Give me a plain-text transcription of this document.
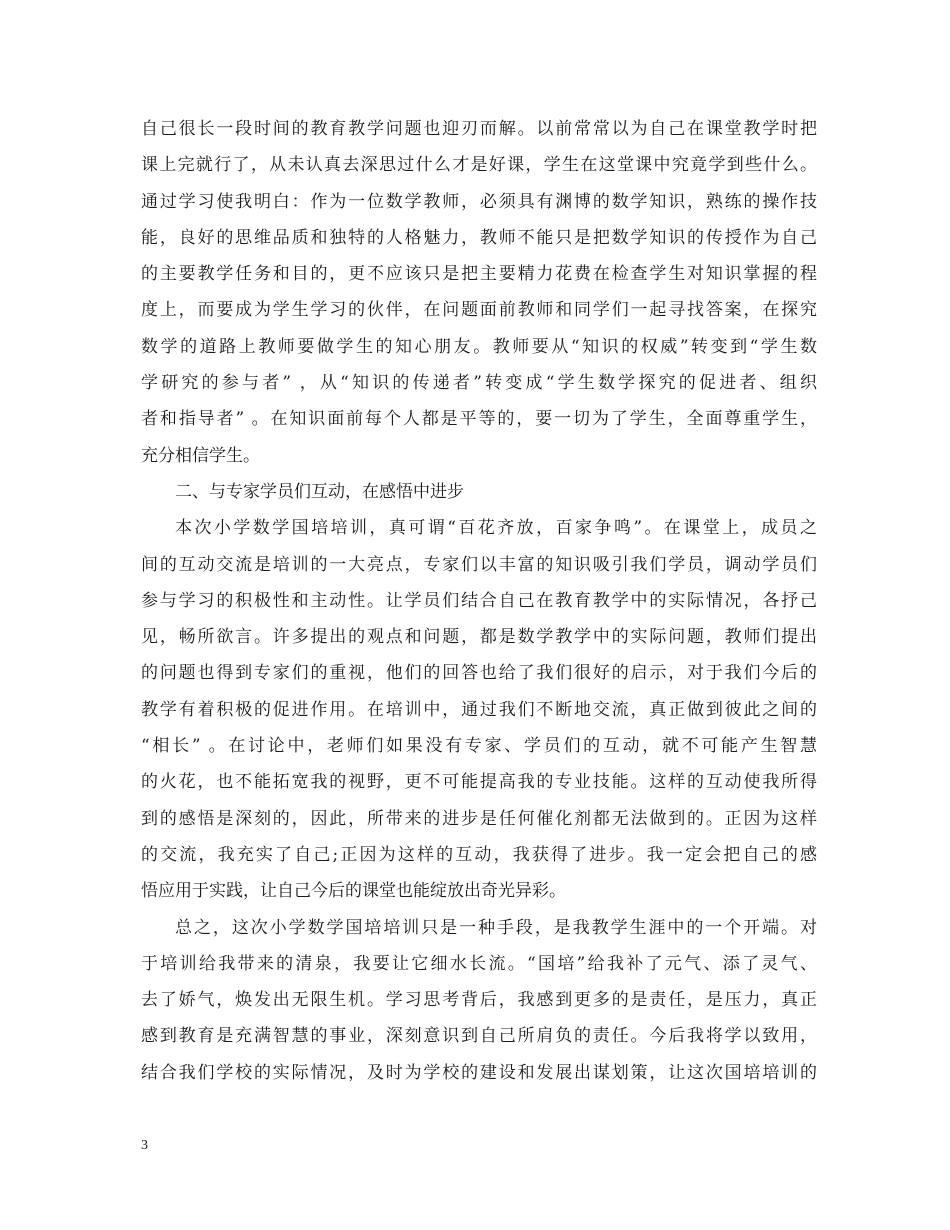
自己很长一段时间的教育教学问题也迎刃而解。以前常常以为自己在课堂教学时把
课上完就行了，从未认真去深思过什么才是好课，学生在这堂课中究竟学到些什么。
通过学习使我明白：作为一位数学教师，必须具有渊博的数学知识，熟练的操作技
能，良好的思维品质和独特的人格魅力，教师不能只是把数学知识的传授作为自己
的主要教学任务和目的，更不应该只是把主要精力花费在检查学生对知识掌握的程
度上，而要成为学生学习的伙伴，在问题面前教师和同学们一起寻找答案，在探究
数学的道路上教师要做学生的知心朋友。教师要从“知识的权威”转变到“学生数
学研究的参与者” ，从“知识的传递者”转变成“学生数学探究的促进者、组织
者和指导者” 。在知识面前每个人都是平等的，要一切为了学生，全面尊重学生，
充分相信学生。
二、与专家学员们互动，在感悟中进步
本次小学数学国培培训，真可谓“百花齐放，百家争鸣”。在课堂上，成员之
间的互动交流是培训的一大亮点，专家们以丰富的知识吸引我们学员，调动学员们
参与学习的积极性和主动性。让学员们结合自己在教育教学中的实际情况，各抒己
见，畅所欲言。许多提出的观点和问题，都是数学教学中的实际问题，教师们提出
的问题也得到专家们的重视，他们的回答也给了我们很好的启示，对于我们今后的
教学有着积极的促进作用。在培训中，通过我们不断地交流，真正做到彼此之间的
“相长” 。在讨论中，老师们如果没有专家、学员们的互动，就不可能产生智慧
的火花，也不能拓宽我的视野，更不可能提高我的专业技能。这样的互动使我所得
到的感悟是深刻的，因此，所带来的进步是任何催化剂都无法做到的。正因为这样
的交流，我充实了自己;正因为这样的互动，我获得了进步。我一定会把自己的感
悟应用于实践，让自己今后的课堂也能绽放出奇光异彩。
总之，这次小学数学国培培训只是一种手段，是我教学生涯中的一个开端。对
于培训给我带来的清泉，我要让它细水长流。“国培”给我补了元气、添了灵气、
去了娇气，焕发出无限生机。学习思考背后，我感到更多的是责任，是压力，真正
感到教育是充满智慧的事业，深刻意识到自己所肩负的责任。今后我将学以致用，
结合我们学校的实际情况，及时为学校的建设和发展出谋划策，让这次国培培训的
3
